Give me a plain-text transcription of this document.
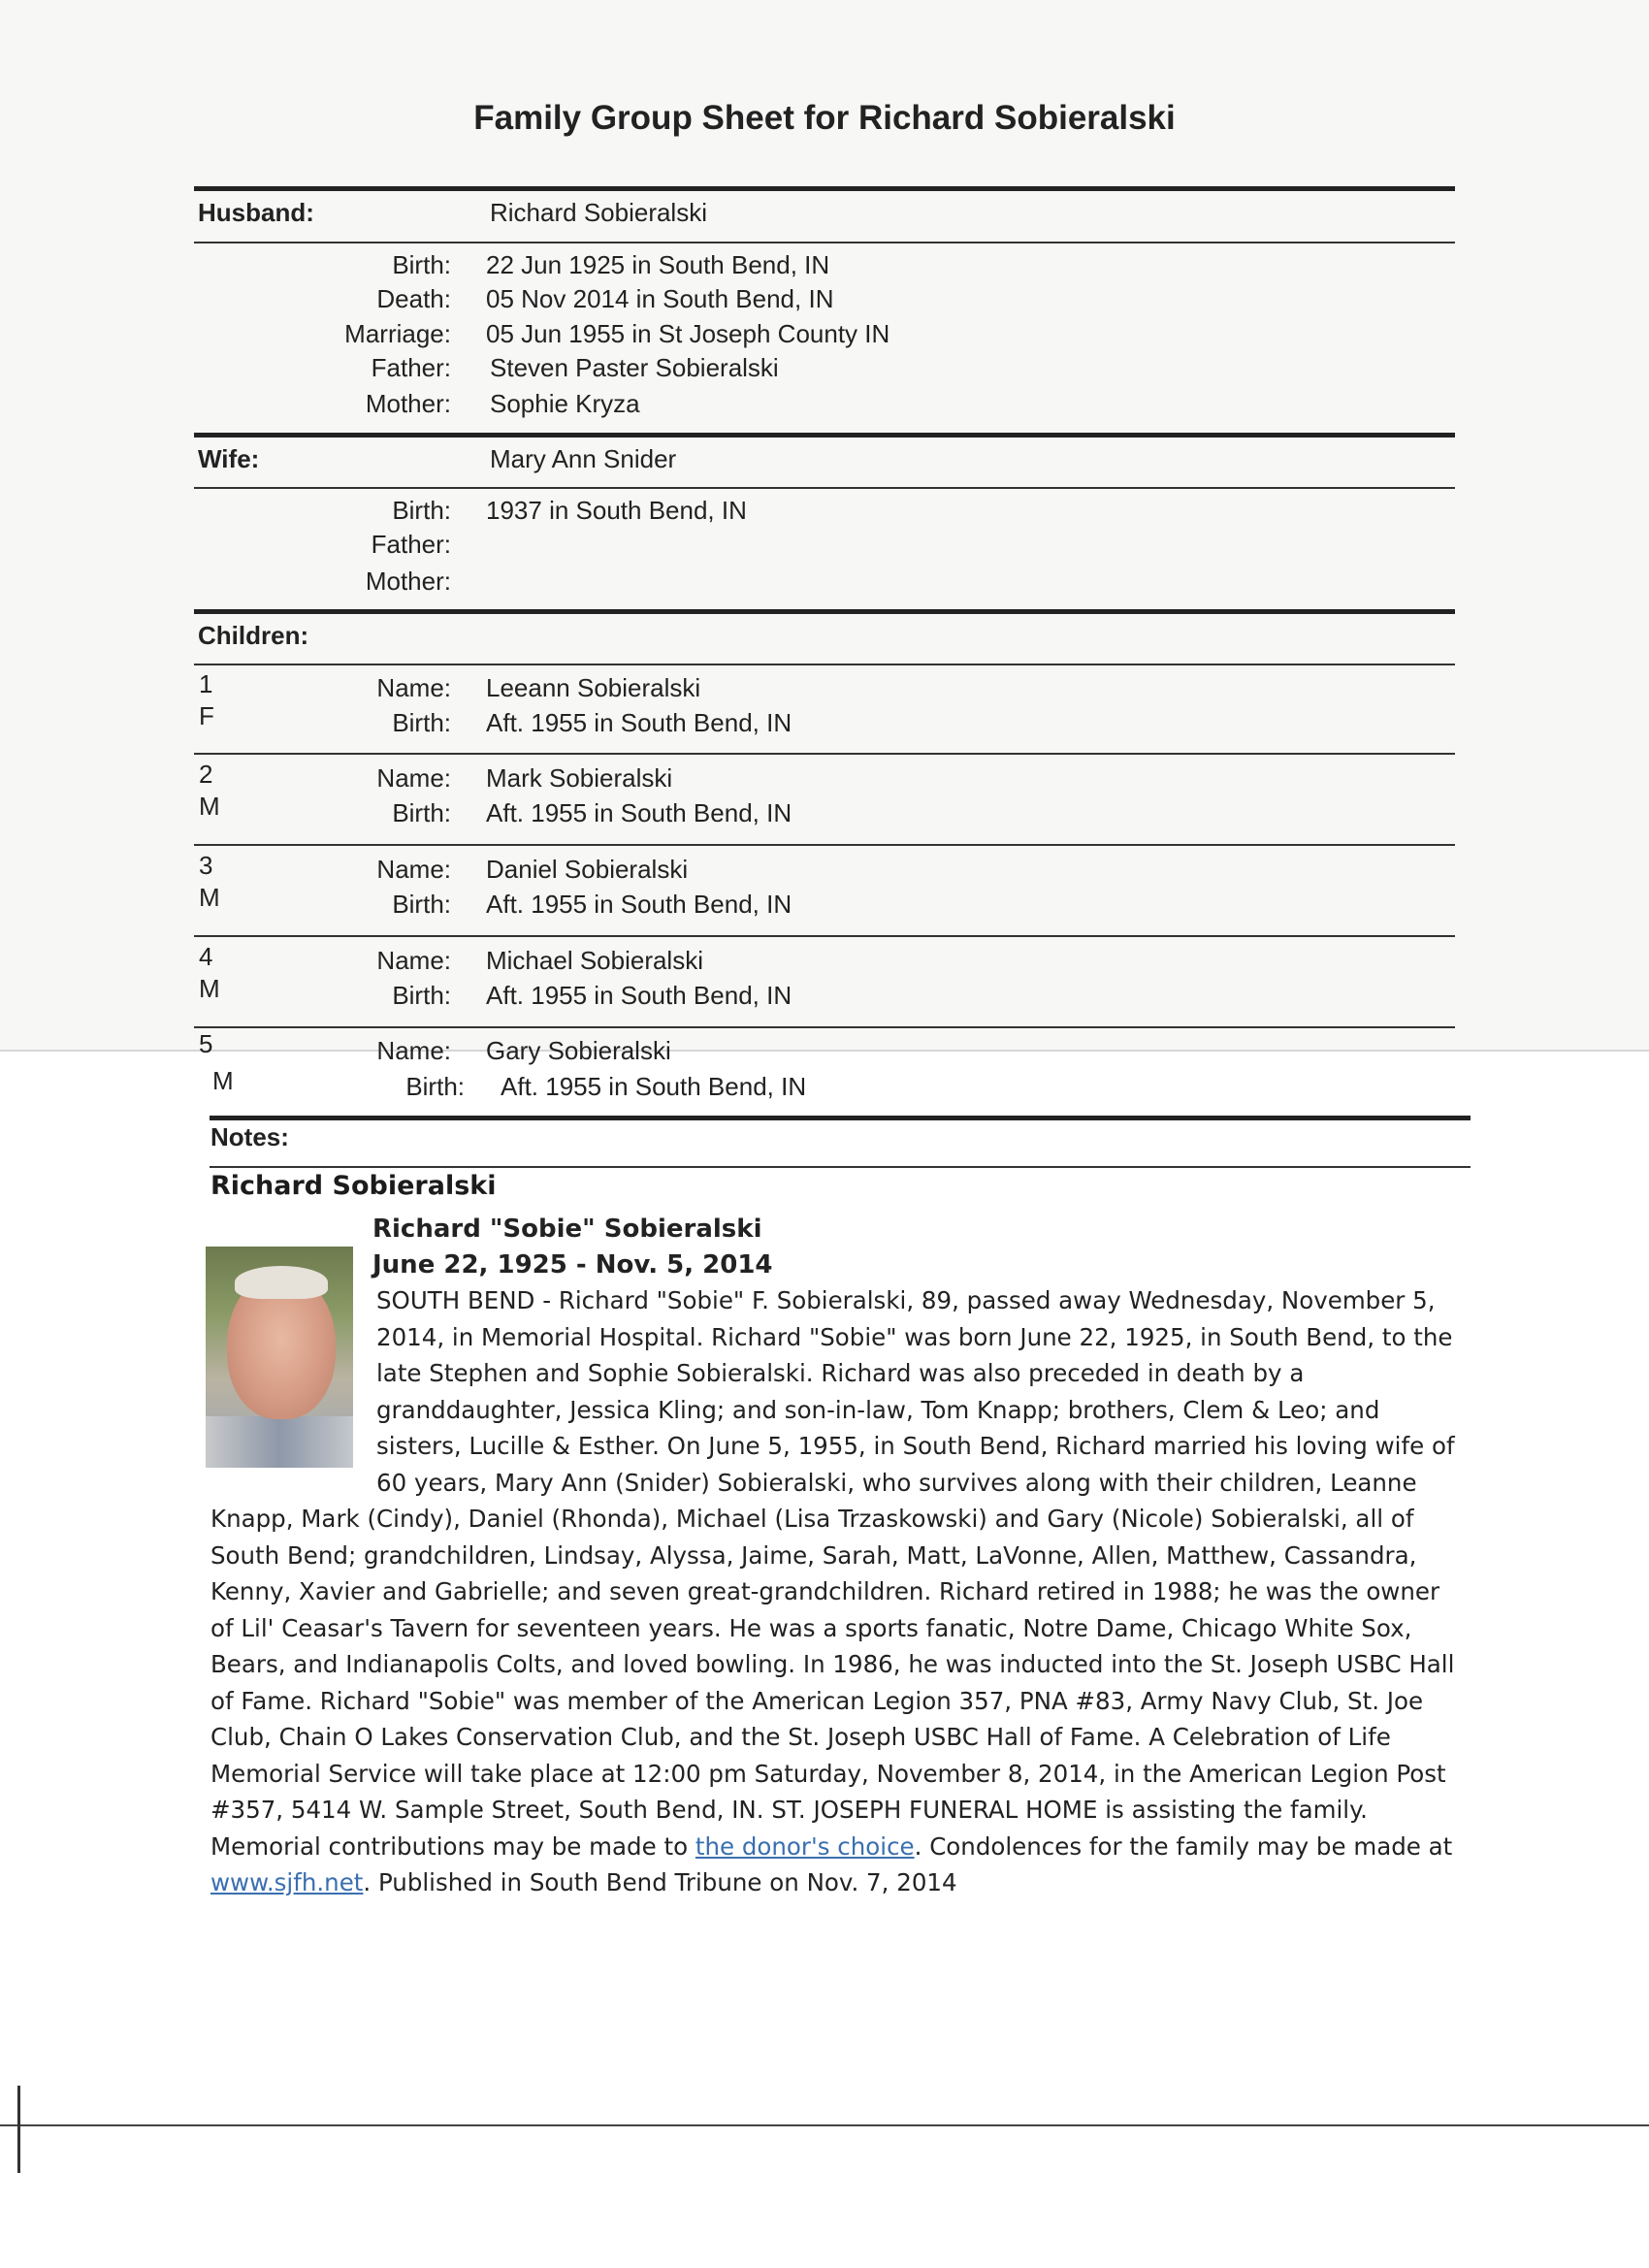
Family Group Sheet for Richard Sobieralski
Husband:	Richard Sobieralski
Birth: 22 Jun 1925 in South Bend, IN
Death: 05 Nov 2014 in South Bend, IN
Marriage: 05 Jun 1955 in St Joseph County IN
Father: Steven Paster Sobieralski
Mother: Sophie Kryza
Wife:	Mary Ann Snider
Birth: 1937 in South Bend, IN
Father:
Mother:
Children:
1
F
Name: Leeann Sobieralski
Birth: Aft. 1955 in South Bend, IN
2
M
Name: Mark Sobieralski
Birth: Aft. 1955 in South Bend, IN
3
M
Name: Daniel Sobieralski
Birth: Aft. 1955 in South Bend, IN
4
M
Name: Michael Sobieralski
Birth: Aft. 1955 in South Bend, IN
5
M
Name: Gary Sobieralski
Birth: Aft. 1955 in South Bend, IN
Notes:
Richard Sobieralski
Richard "Sobie" Sobieralski
June 22, 1925 - Nov. 5, 2014
SOUTH BEND - Richard "Sobie" F. Sobieralski, 89, passed away Wednesday, November 5,
2014, in Memorial Hospital. Richard "Sobie" was born June 22, 1925, in South Bend, to the
late Stephen and Sophie Sobieralski. Richard was also preceded in death by a
granddaughter, Jessica Kling; and son-in-law, Tom Knapp; brothers, Clem & Leo; and
sisters, Lucille & Esther. On June 5, 1955, in South Bend, Richard married his loving wife of
60 years, Mary Ann (Snider) Sobieralski, who survives along with their children, Leanne
Knapp, Mark (Cindy), Daniel (Rhonda), Michael (Lisa Trzaskowski) and Gary (Nicole) Sobieralski, all of
South Bend; grandchildren, Lindsay, Alyssa, Jaime, Sarah, Matt, LaVonne, Allen, Matthew, Cassandra,
Kenny, Xavier and Gabrielle; and seven great-grandchildren. Richard retired in 1988; he was the owner
of Lil' Ceasar's Tavern for seventeen years. He was a sports fanatic, Notre Dame, Chicago White Sox,
Bears, and Indianapolis Colts, and loved bowling. In 1986, he was inducted into the St. Joseph USBC Hall
of Fame. Richard "Sobie" was member of the American Legion 357, PNA #83, Army Navy Club, St. Joe
Club, Chain O Lakes Conservation Club, and the St. Joseph USBC Hall of Fame. A Celebration of Life
Memorial Service will take place at 12:00 pm Saturday, November 8, 2014, in the American Legion Post
#357, 5414 W. Sample Street, South Bend, IN. ST. JOSEPH FUNERAL HOME is assisting the family.
Memorial contributions may be made to the donor's choice. Condolences for the family may be made at
www.sjfh.net. Published in South Bend Tribune on Nov. 7, 2014
